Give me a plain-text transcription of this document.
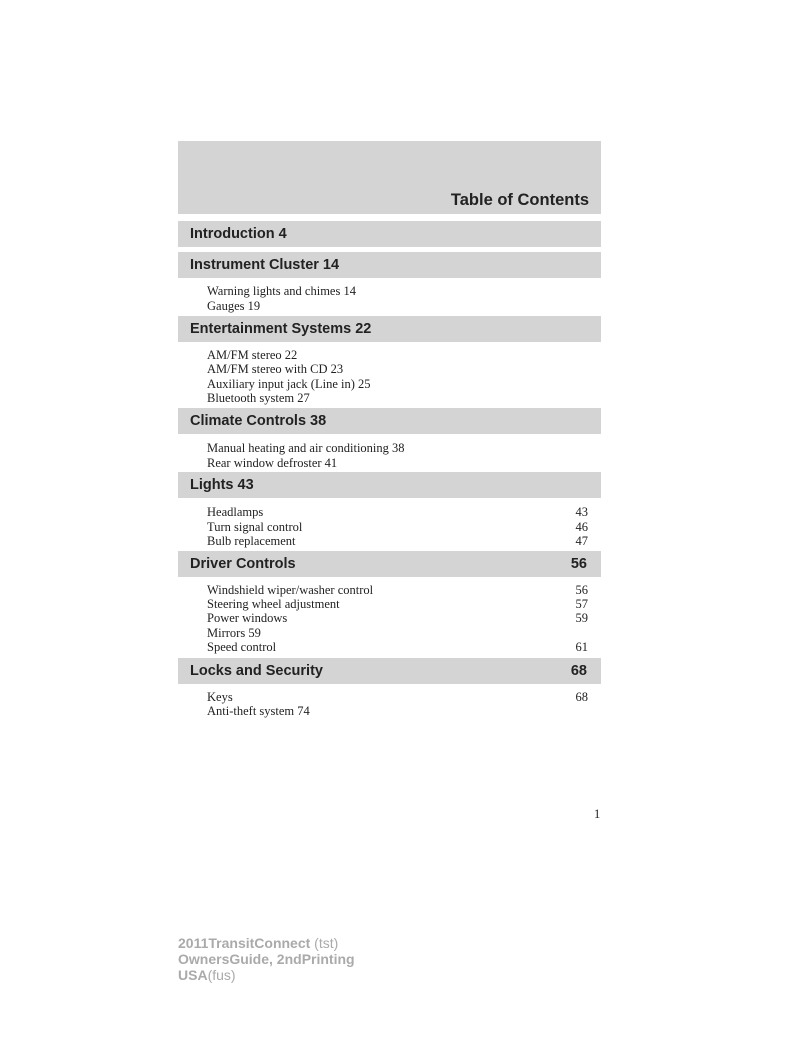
Table of Contents
Introduction 4
Instrument Cluster 14
Warning lights and chimes 14
Gauges 19
Entertainment Systems 22
AM/FM stereo 22
AM/FM stereo with CD 23
Auxiliary input jack (Line in) 25
Bluetooth system 27
Climate Controls 38
Manual heating and air conditioning 38
Rear window defroster 41
Lights 43
Headlamps	43
Turn signal control	46
Bulb replacement	47
Driver Controls	56
Windshield wiper/washer control	56
Steering wheel adjustment	57
Power windows	59
Mirrors 59
Speed control	61
Locks and Security	68
Keys	68
Anti-theft system 74
1
2011TransitConnect (tst)
OwnersGuide, 2ndPrinting
USA(fus)
